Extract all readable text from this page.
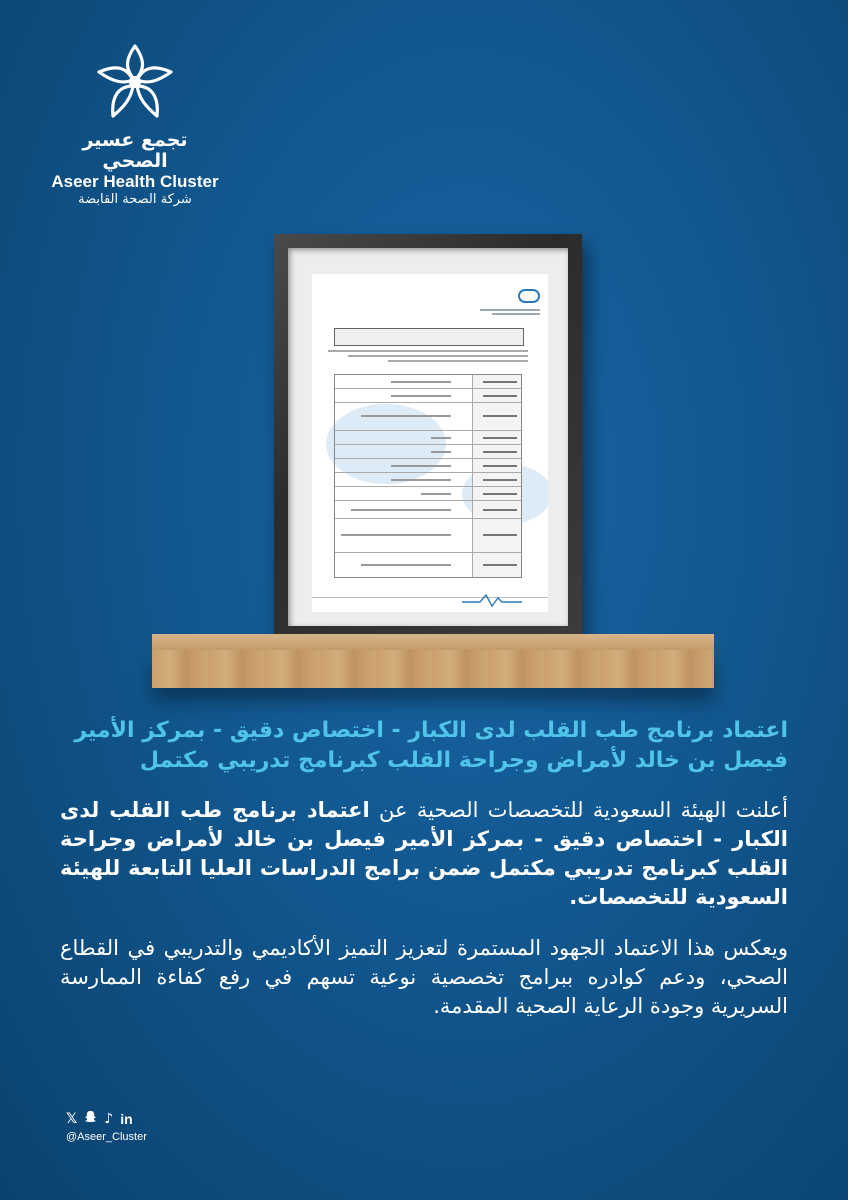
تجمع عسير الصحي
Aseer Health Cluster
شركة الصحة القابضة
اعتماد برنامج طب القلب لدى الكبار - اختصاص دقيق - بمركز الأمير
فيصل بن خالد لأمراض وجراحة القلب كبرنامج تدريبي مكتمل
أعلنت الهيئة السعودية للتخصصات الصحية عن اعتماد برنامج طب القلب لدى الكبار - اختصاص دقيق - بمركز الأمير فيصل بن خالد لأمراض وجراحة القلب كبرنامج تدريبي مكتمل ضمن برامج الدراسات العليا التابعة للهيئة السعودية للتخصصات.
ويعكس هذا الاعتماد الجهود المستمرة لتعزيز التميز الأكاديمي والتدريبي في القطاع الصحي، ودعم كوادره ببرامج تخصصية نوعية تسهم في رفع كفاءة الممارسة السريرية وجودة الرعاية الصحية المقدمة.
𝕏 ♪ in
@Aseer_Cluster
